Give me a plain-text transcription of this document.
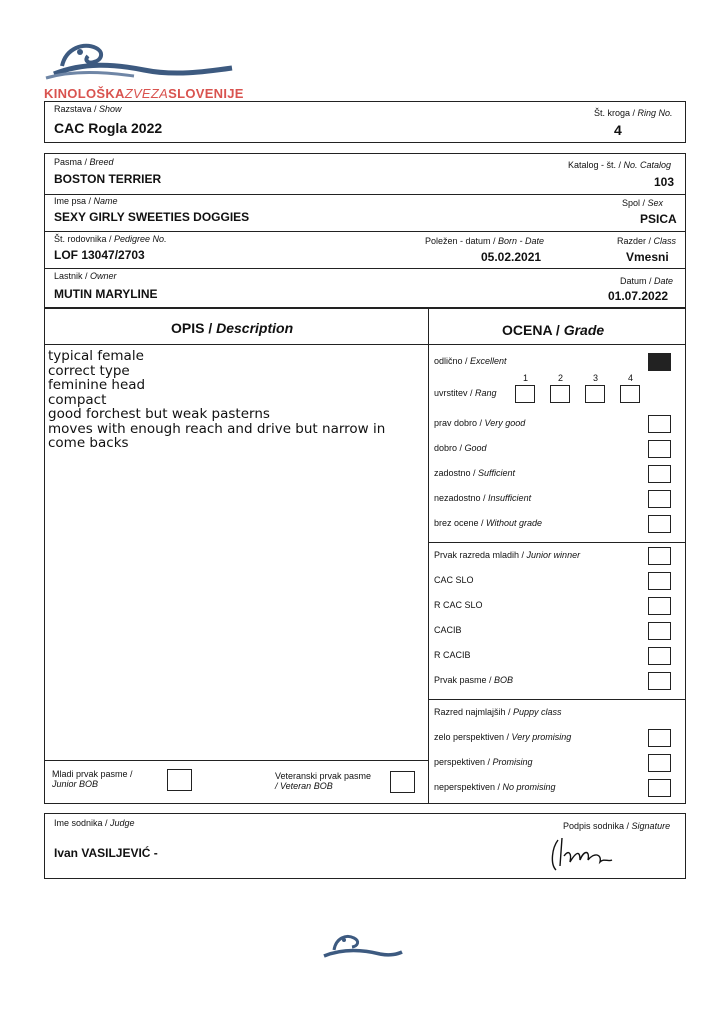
KINOLOŠKAZVEZASLOVENIJE
Razstava / Show
CAC Rogla 2022
Št. kroga / Ring No.
4
Pasma / Breed
BOSTON TERRIER
Katalog - št. / No. Catalog
103
Ime psa / Name
SEXY GIRLY SWEETIES DOGGIES
Spol / Sex
PSICA
Št. rodovnika / Pedigree No.
LOF 13047/2703
Poležen - datum / Born - Date
05.02.2021
Razder / Class
Vmesni
Lastnik / Owner
MUTIN MARYLINE
Datum / Date
01.07.2022
OPIS / Description	OCENA / Grade
typical female
correct type
feminine head
compact
good forchest but weak pasterns
moves with enough reach and drive but narrow in come backs
Mladi prvak pasme /
Junior BOB
Veteranski prvak pasme
/ Veteran BOB
odlično / Excellent
uvrstitev / Rang
1	2	3	4
prav dobro / Very good
dobro / Good
zadostno / Sufficient
nezadostno / Insufficient
brez ocene / Without grade
Prvak razreda mladih / Junior winner
CAC SLO
R CAC SLO
CACIB
R CACIB
Prvak pasme / BOB
Razred najmlajših / Puppy class
zelo perspektiven / Very promising
perspektiven / Promising
neperspektiven / No promising
Ime sodnika / Judge
Ivan VASILJEVIĆ -
Podpis sodnika / Signature
